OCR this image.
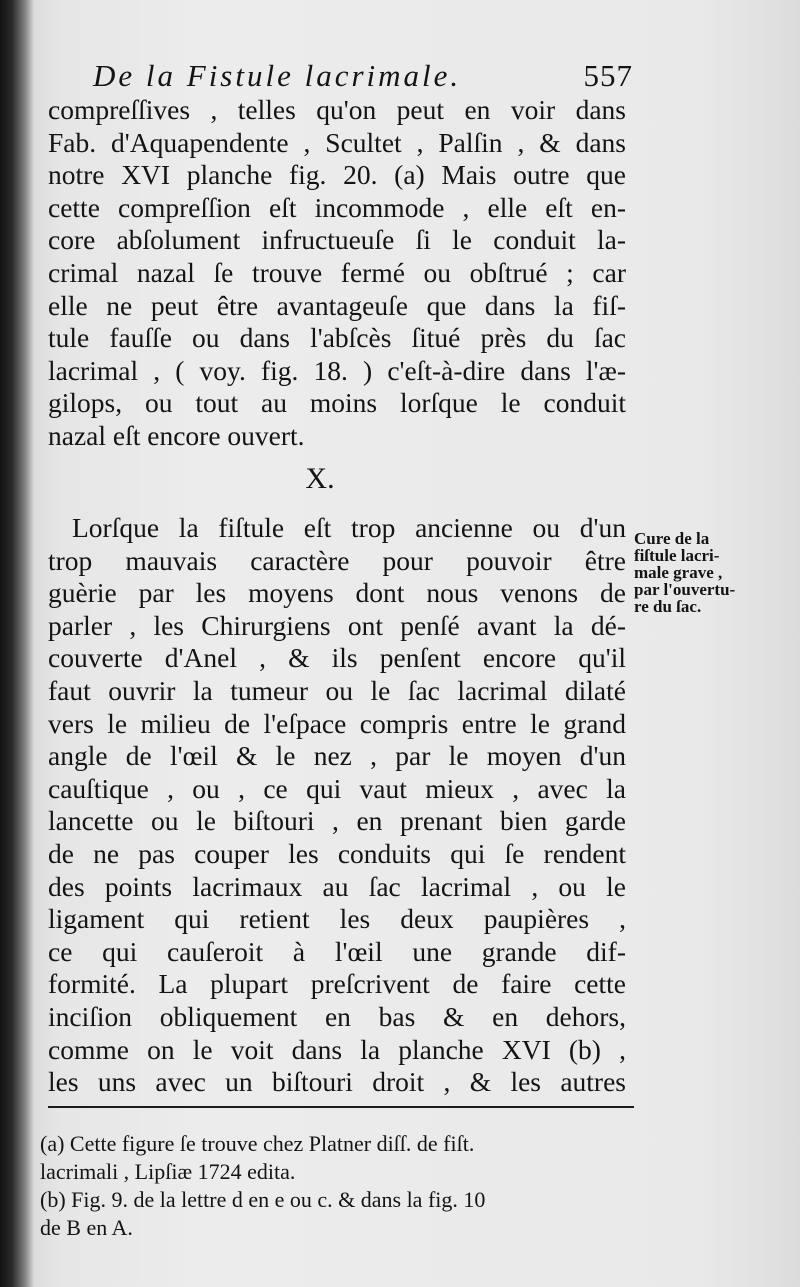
De la Fistule lacrimale.	557
compreſſives , telles qu'on peut en voir dans
Fab. d'Aquapendente , Scultet , Palſin , & dans
notre XVI planche fig. 20. (a) Mais outre que
cette compreſſion eſt incommode , elle eſt en-
core abſolument infructueuſe ſi le conduit la-
crimal nazal ſe trouve fermé ou obſtrué ; car
elle ne peut être avantageuſe que dans la fiſ-
tule fauſſe ou dans l'abſcès ſitué près du ſac
lacrimal , ( voy. fig. 18. ) c'eſt-à-dire dans l'æ-
gilops, ou tout au moins lorſque le conduit
nazal eſt encore ouvert.
X.
Lorſque la fiſtule eſt trop ancienne ou d'un
trop mauvais caractère pour pouvoir être
guèrie par les moyens dont nous venons de
parler , les Chirurgiens ont penſé avant la dé-
couverte d'Anel , & ils penſent encore qu'il
faut ouvrir la tumeur ou le ſac lacrimal dilaté
vers le milieu de l'eſpace compris entre le grand
angle de l'œil & le nez , par le moyen d'un
cauſtique , ou , ce qui vaut mieux , avec la
lancette ou le biſtouri , en prenant bien garde
de ne pas couper les conduits qui ſe rendent
des points lacrimaux au ſac lacrimal , ou le
ligament qui retient les deux paupières ,
ce qui cauſeroit à l'œil une grande dif-
formité. La plupart preſcrivent de faire cette
inciſion obliquement en bas & en dehors,
comme on le voit dans la planche XVI (b) ,
les uns avec un biſtouri droit , & les autres
Cure de la
fiſtule lacri-
male grave ,
par l'ouvertu-
re du ſac.
(a) Cette figure ſe trouve chez Platner diſſ. de fiſt.
lacrimali , Lipſiæ 1724 edita.
(b) Fig. 9. de la lettre d en e ou c. & dans la fig. 10
de B en A.
